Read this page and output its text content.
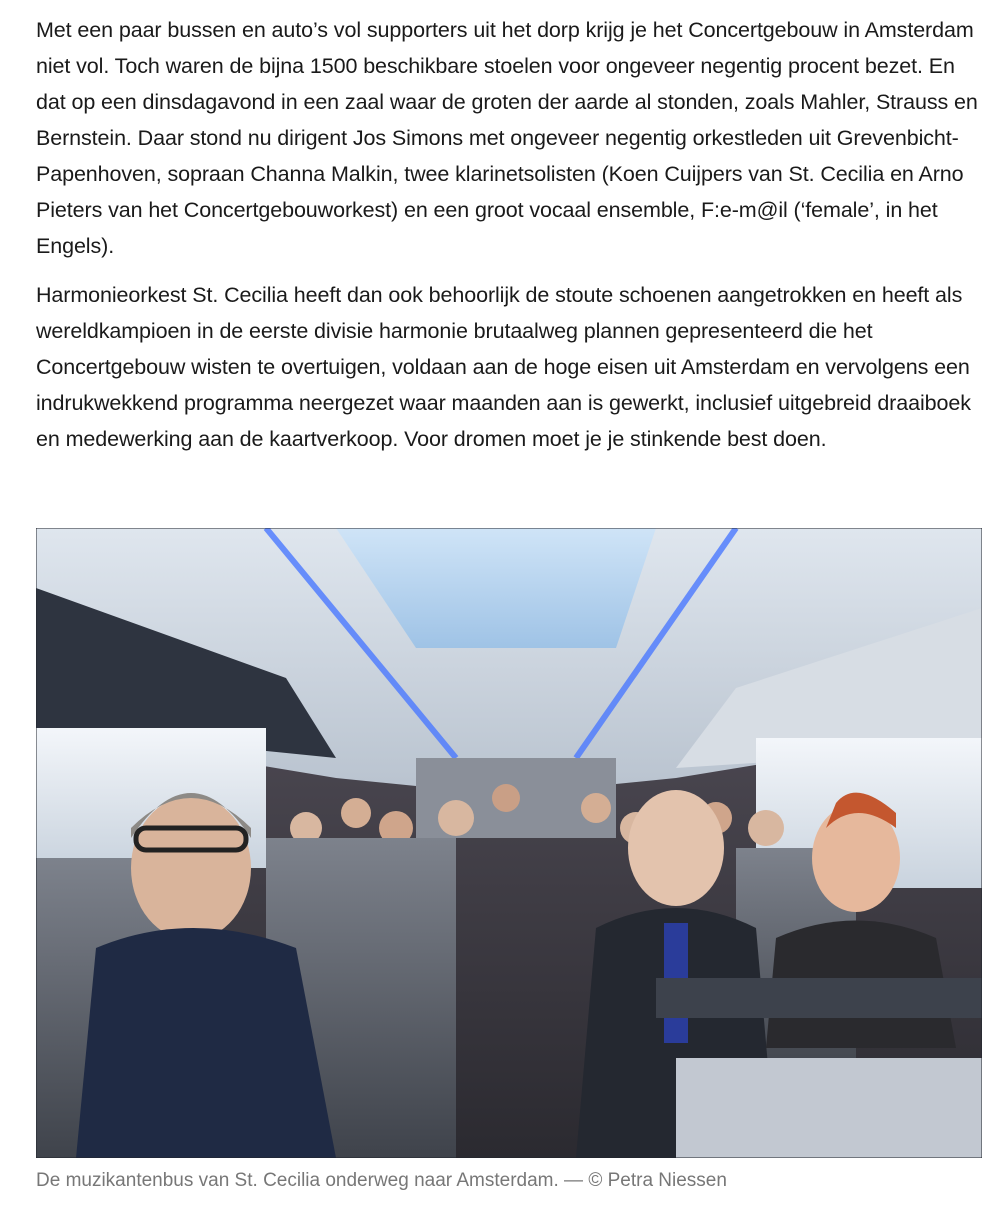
Met een paar bussen en auto’s vol supporters uit het dorp krijg je het Concertgebouw in Amsterdam niet vol. Toch waren de bijna 1500 beschikbare stoelen voor ongeveer negentig procent bezet. En dat op een dinsdagavond in een zaal waar de groten der aarde al stonden, zoals Mahler, Strauss en Bernstein. Daar stond nu dirigent Jos Simons met ongeveer negentig orkestleden uit Grevenbicht-Papenhoven, sopraan Channa Malkin, twee klarinetsolisten (Koen Cuijpers van St. Cecilia en Arno Pieters van het Concertgebouworkest) en een groot vocaal ensemble, F:e-m@il (‘female’, in het Engels).

Harmonieorkest St. Cecilia heeft dan ook behoorlijk de stoute schoenen aangetrokken en heeft als wereldkampioen in de eerste divisie harmonie brutaalweg plannen gepresenteerd die het Concertgebouw wisten te overtuigen, voldaan aan de hoge eisen uit Amsterdam en vervolgens een indrukwekkend programma neergezet waar maanden aan is gewerkt, inclusief uitgebreid draaiboek en medewerking aan de kaartverkoop. Voor dromen moet je je stinkende best doen.

De muzikantenbus van St. Cecilia onderweg naar Amsterdam. — © Petra Niessen
